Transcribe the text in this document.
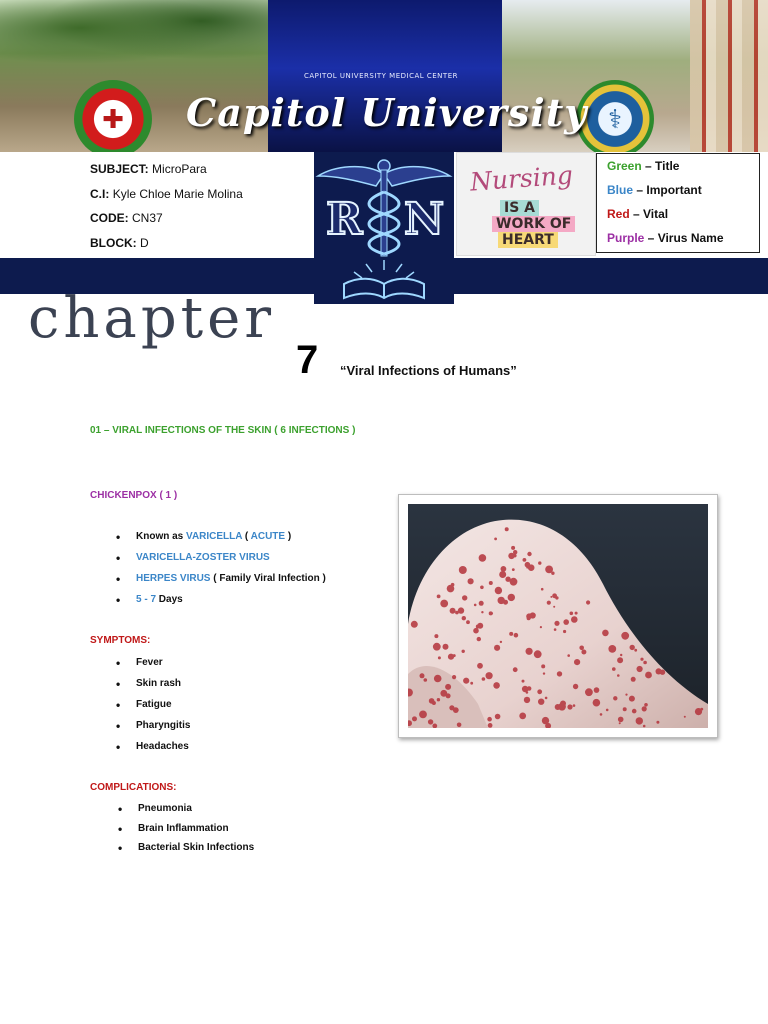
CAPITOL UNIVERSITY MEDICAL CENTER
✚	⚕
Capitol University
SUBJECT: MicroPara
C.I: Kyle Chloe Marie Molina
CODE: CN37
BLOCK: D	R N
Nursing
IS A
WORK OF
HEART
Green – Title
Blue – Important
Red – Vital
Purple – Virus Name
chapter
7 “Viral Infections of Humans”
01 – VIRAL INFECTIONS OF THE SKIN ( 6 INFECTIONS )
CHICKENPOX ( 1 )
• Known as VARICELLA ( ACUTE )
• VARICELLA-ZOSTER VIRUS
• HERPES VIRUS ( Family Viral Infection )
• 5 - 7 Days
SYMPTOMS:
• Fever
• Skin rash
• Fatigue
• Pharyngitis
• Headaches
COMPLICATIONS:
• Pneumonia
• Brain Inflammation
• Bacterial Skin Infections
